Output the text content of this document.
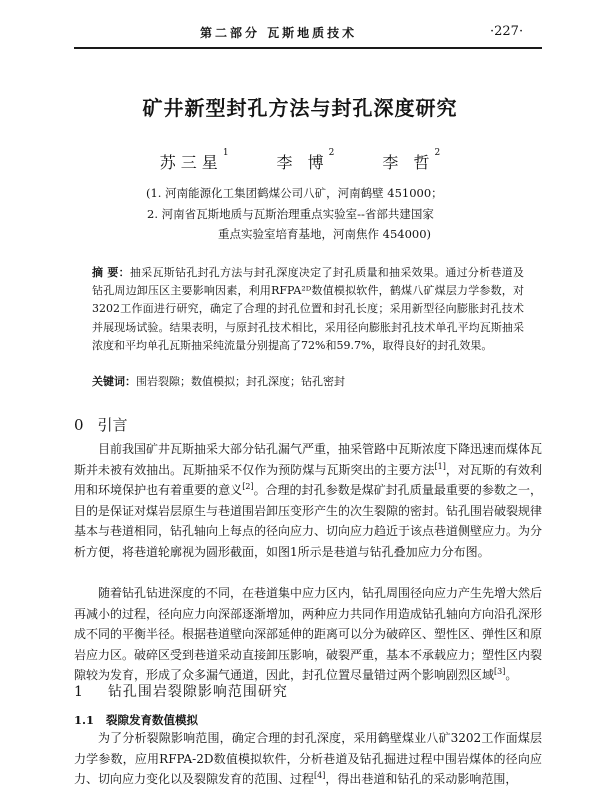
第二部分 瓦斯地质技术	·227·
矿井新型封孔方法与封孔深度研究
苏三星$^1$	李 博$^2$	李 哲$^2$
(1. 河南能源化工集团鹤煤公司八矿，河南鹤壁 451000；
2. 河南省瓦斯地质与瓦斯治理重点实验室--省部共建国家
重点实验室培育基地，河南焦作 454000)

摘 要：抽采瓦斯钻孔封孔方法与封孔深度决定了封孔质量和抽采效果。通过分析巷道及钻孔周边卸压区主要影响因素，利用RFPA²ᴰ数值模拟软件，鹤煤八矿煤层力学参数，对3202工作面进行研究，确定了合理的封孔位置和封孔长度；采用新型径向膨胀封孔技术并展现场试验。结果表明，与原封孔技术相比，采用径向膨胀封孔技术单孔平均瓦斯抽采浓度和平均单孔瓦斯抽采纯流量分别提高了72%和59.7%，取得良好的封孔效果。

关键词：围岩裂隙；数值模拟；封孔深度；钻孔密封
0 引言

目前我国矿井瓦斯抽采大部分钻孔漏气严重，抽采管路中瓦斯浓度下降迅速而煤体瓦斯并未被有效抽出。瓦斯抽采不仅作为预防煤与瓦斯突出的主要方法[1]，对瓦斯的有效利用和环境保护也有着重要的意义[2]。合理的封孔参数是煤矿封孔质量最重要的参数之一，目的是保证对煤岩层原生与巷道围岩卸压变形产生的次生裂隙的密封。钻孔围岩破裂规律基本与巷道相同，钻孔轴向上每点的径向应力、切向应力趋近于该点巷道侧壁应力。为分析方便，将巷道轮廓视为圆形截面，如图1所示是巷道与钻孔叠加应力分布图。

随着钻孔钻进深度的不同，在巷道集中应力区内，钻孔周围径向应力产生先增大然后再减小的过程，径向应力向深部逐渐增加，两种应力共同作用造成钻孔轴向方向沿孔深形成不同的平衡半径。根据巷道壁向深部延伸的距离可以分为破碎区、塑性区、弹性区和原岩应力区。破碎区受到巷道采动直接卸压影响，破裂严重，基本不承载应力；塑性区内裂隙较为发育，形成了众多漏气通道，因此，封孔位置尽量错过两个影响剧烈区域[3]。

1 钻孔围岩裂隙影响范围研究
1.1 裂隙发育数值模拟

为了分析裂隙影响范围，确定合理的封孔深度，采用鹤壁煤业八矿3202工作面煤层力学参数，应用RFPA-2D数值模拟软件，分析巷道及钻孔掘进过程中围岩煤体的径向应力、切向应力变化以及裂隙发育的范围、过程[4]，得出巷道和钻孔的采动影响范围，
